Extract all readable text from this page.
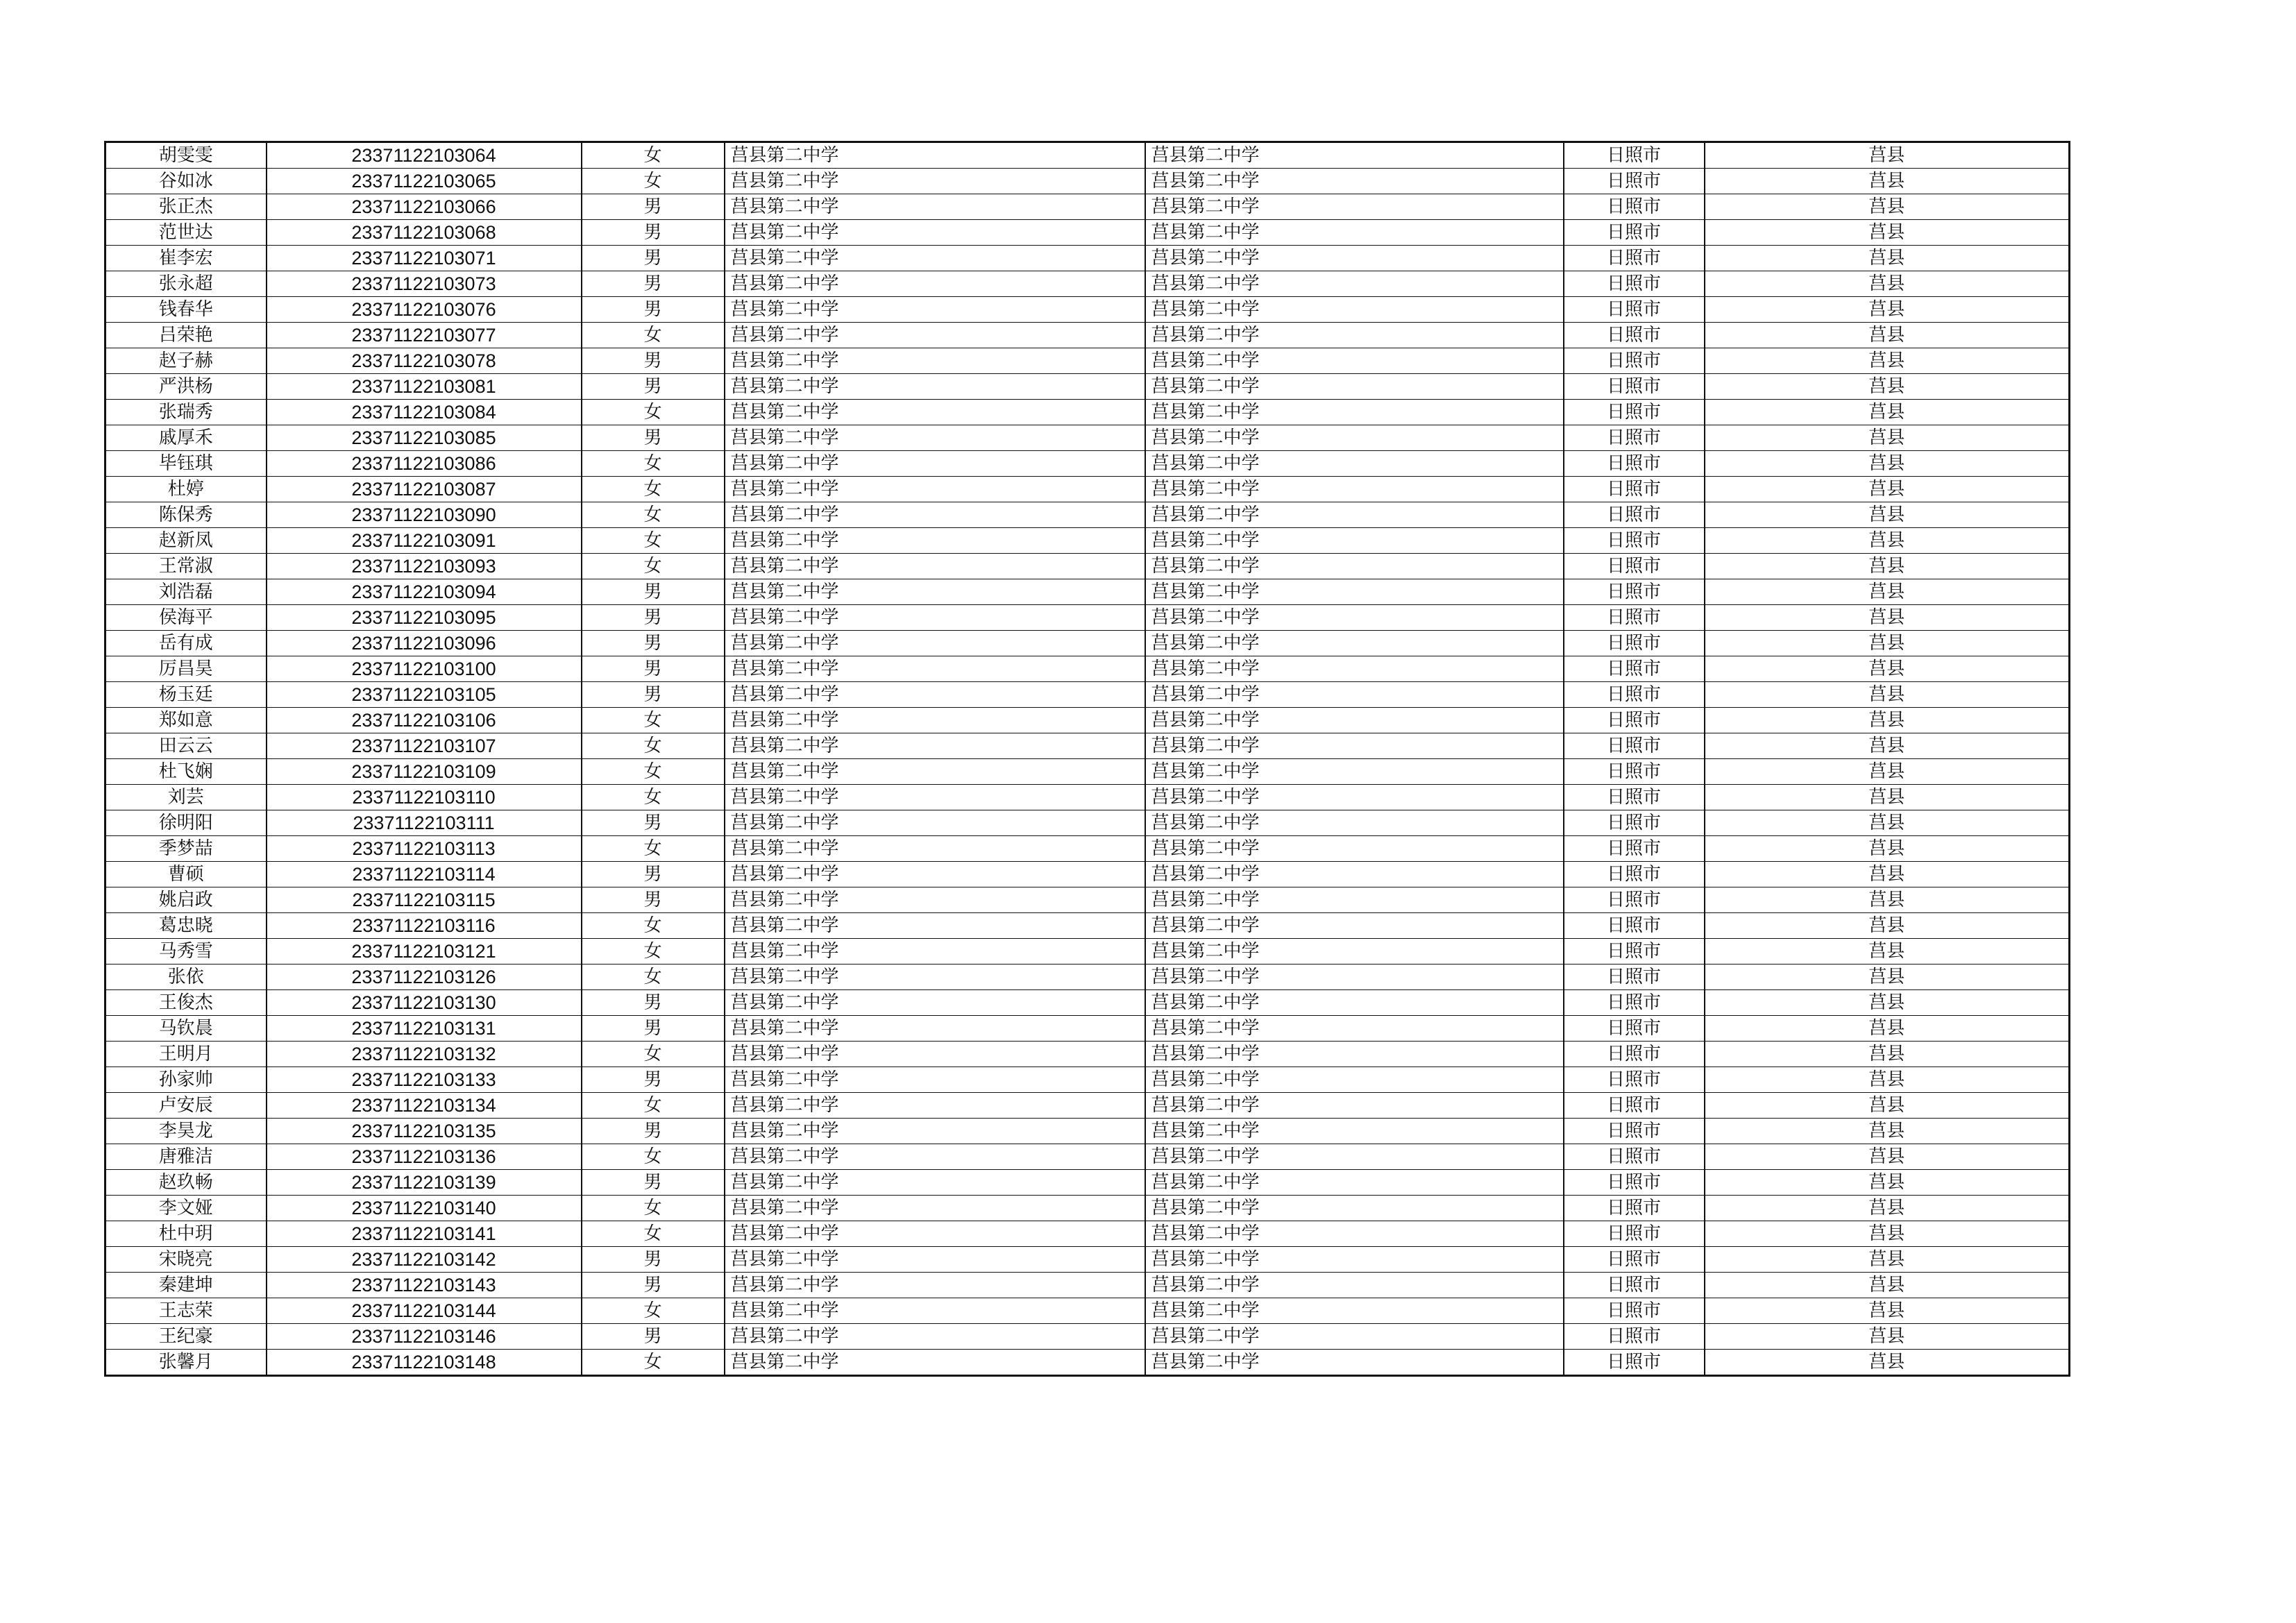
胡雯雯	23371122103064	女	莒县第二中学	莒县第二中学	日照市	莒县
谷如冰	23371122103065	女	莒县第二中学	莒县第二中学	日照市	莒县
张正杰	23371122103066	男	莒县第二中学	莒县第二中学	日照市	莒县
范世达	23371122103068	男	莒县第二中学	莒县第二中学	日照市	莒县
崔李宏	23371122103071	男	莒县第二中学	莒县第二中学	日照市	莒县
张永超	23371122103073	男	莒县第二中学	莒县第二中学	日照市	莒县
钱春华	23371122103076	男	莒县第二中学	莒县第二中学	日照市	莒县
吕荣艳	23371122103077	女	莒县第二中学	莒县第二中学	日照市	莒县
赵子赫	23371122103078	男	莒县第二中学	莒县第二中学	日照市	莒县
严洪杨	23371122103081	男	莒县第二中学	莒县第二中学	日照市	莒县
张瑞秀	23371122103084	女	莒县第二中学	莒县第二中学	日照市	莒县
戚厚禾	23371122103085	男	莒县第二中学	莒县第二中学	日照市	莒县
毕钰琪	23371122103086	女	莒县第二中学	莒县第二中学	日照市	莒县
杜婷	23371122103087	女	莒县第二中学	莒县第二中学	日照市	莒县
陈保秀	23371122103090	女	莒县第二中学	莒县第二中学	日照市	莒县
赵新凤	23371122103091	女	莒县第二中学	莒县第二中学	日照市	莒县
王常淑	23371122103093	女	莒县第二中学	莒县第二中学	日照市	莒县
刘浩磊	23371122103094	男	莒县第二中学	莒县第二中学	日照市	莒县
侯海平	23371122103095	男	莒县第二中学	莒县第二中学	日照市	莒县
岳有成	23371122103096	男	莒县第二中学	莒县第二中学	日照市	莒县
厉昌昊	23371122103100	男	莒县第二中学	莒县第二中学	日照市	莒县
杨玉廷	23371122103105	男	莒县第二中学	莒县第二中学	日照市	莒县
郑如意	23371122103106	女	莒县第二中学	莒县第二中学	日照市	莒县
田云云	23371122103107	女	莒县第二中学	莒县第二中学	日照市	莒县
杜飞娴	23371122103109	女	莒县第二中学	莒县第二中学	日照市	莒县
刘芸	23371122103110	女	莒县第二中学	莒县第二中学	日照市	莒县
徐明阳	23371122103111	男	莒县第二中学	莒县第二中学	日照市	莒县
季梦喆	23371122103113	女	莒县第二中学	莒县第二中学	日照市	莒县
曹硕	23371122103114	男	莒县第二中学	莒县第二中学	日照市	莒县
姚启政	23371122103115	男	莒县第二中学	莒县第二中学	日照市	莒县
葛忠晓	23371122103116	女	莒县第二中学	莒县第二中学	日照市	莒县
马秀雪	23371122103121	女	莒县第二中学	莒县第二中学	日照市	莒县
张依	23371122103126	女	莒县第二中学	莒县第二中学	日照市	莒县
王俊杰	23371122103130	男	莒县第二中学	莒县第二中学	日照市	莒县
马钦晨	23371122103131	男	莒县第二中学	莒县第二中学	日照市	莒县
王明月	23371122103132	女	莒县第二中学	莒县第二中学	日照市	莒县
孙家帅	23371122103133	男	莒县第二中学	莒县第二中学	日照市	莒县
卢安辰	23371122103134	女	莒县第二中学	莒县第二中学	日照市	莒县
李昊龙	23371122103135	男	莒县第二中学	莒县第二中学	日照市	莒县
唐雅洁	23371122103136	女	莒县第二中学	莒县第二中学	日照市	莒县
赵玖畅	23371122103139	男	莒县第二中学	莒县第二中学	日照市	莒县
李文娅	23371122103140	女	莒县第二中学	莒县第二中学	日照市	莒县
杜中玥	23371122103141	女	莒县第二中学	莒县第二中学	日照市	莒县
宋晓亮	23371122103142	男	莒县第二中学	莒县第二中学	日照市	莒县
秦建坤	23371122103143	男	莒县第二中学	莒县第二中学	日照市	莒县
王志荣	23371122103144	女	莒县第二中学	莒县第二中学	日照市	莒县
王纪豪	23371122103146	男	莒县第二中学	莒县第二中学	日照市	莒县
张馨月	23371122103148	女	莒县第二中学	莒县第二中学	日照市	莒县
